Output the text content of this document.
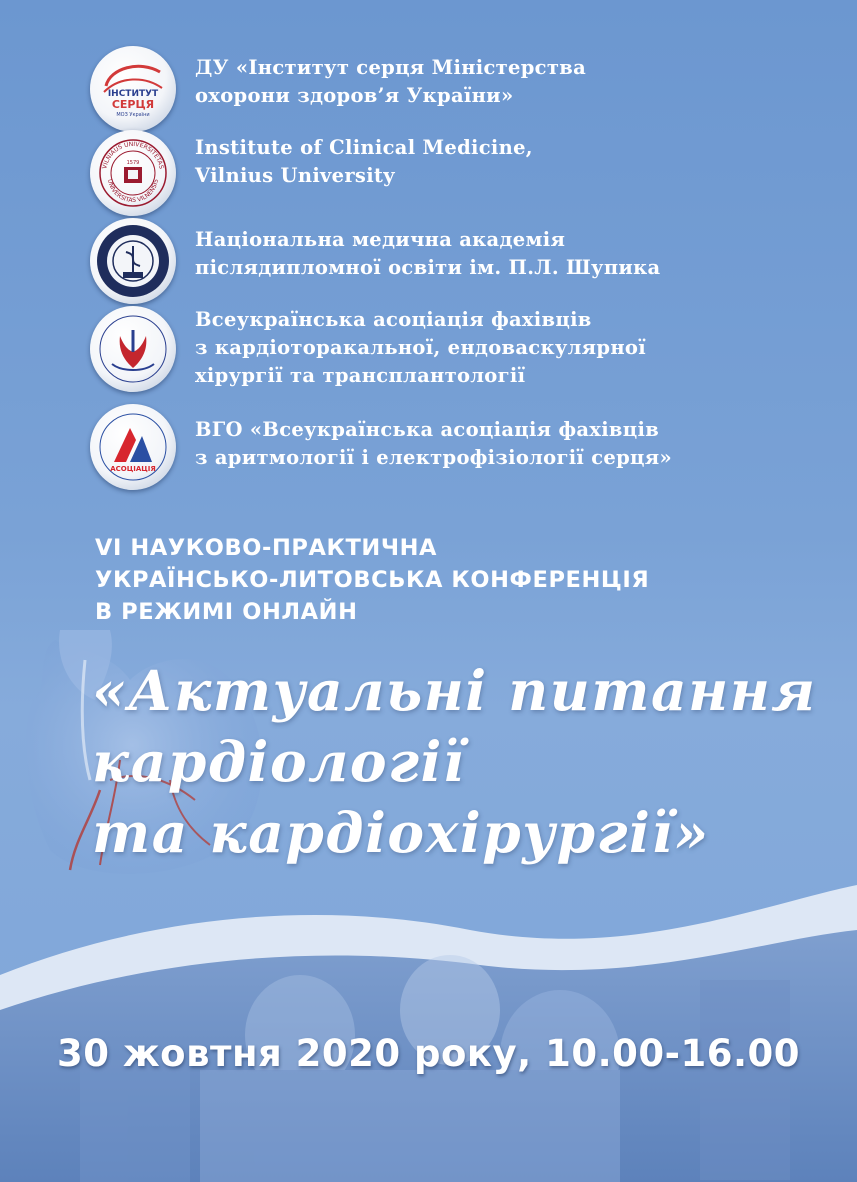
ІНСТИТУТ
СЕРЦЯ
МОЗ України
ДУ «Інститут серця Міністерства
охорони здоров’я України»
VILNIAUS UNIVERSITETAS
UNIVERSITAS VILNENSIS
1579
Institute of Clinical Medicine,
Vilnius University
Національна медична академія
післядипломної освіти ім. П.Л. Шупика
Всеукраїнська асоціація фахівців
з кардіоторакальної, ендоваскулярної
хірургії та трансплантології
АСОЦІАЦІЯ
ВГО «Всеукраїнська асоціація фахівців
з аритмології і електрофізіології серця»
VI НАУКОВО-ПРАКТИЧНА
УКРАЇНСЬКО-ЛИТОВСЬКА КОНФЕРЕНЦІЯ
В РЕЖИМІ ОНЛАЙН
«Актуальні питання
кардіології
та кардіохірургії»
30 жовтня 2020 року, 10.00-16.00
